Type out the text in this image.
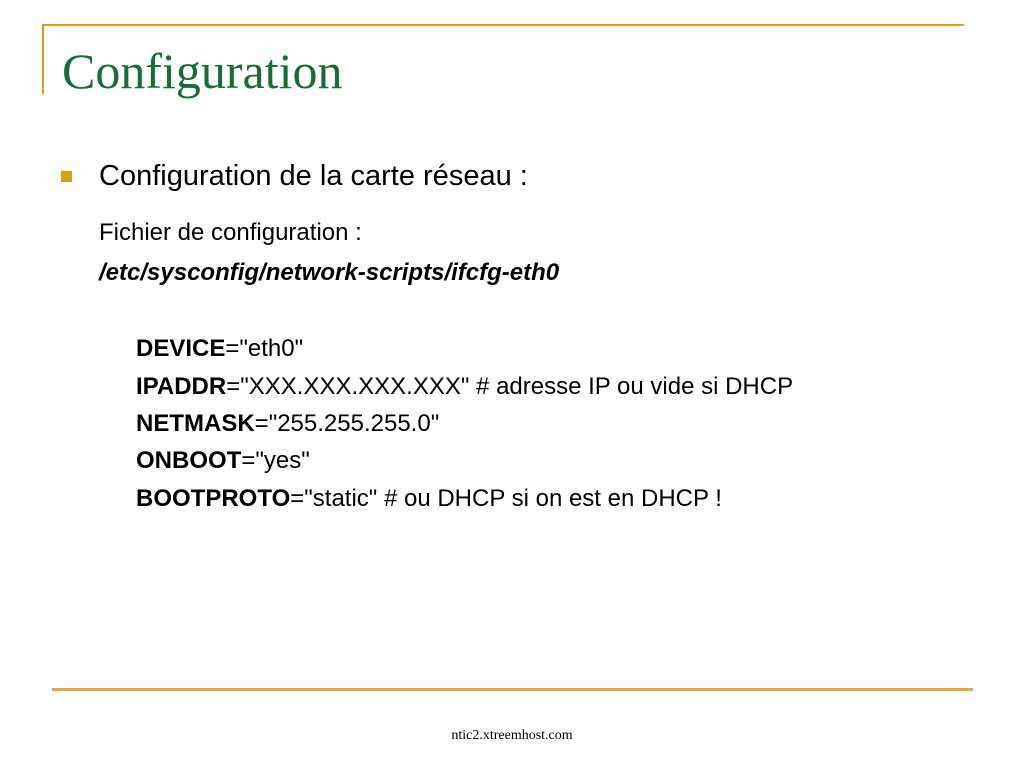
Configuration

Configuration de la carte réseau :

Fichier de configuration :

/etc/sysconfig/network-scripts/ifcfg-eth0

DEVICE="eth0"

IPADDR="XXX.XXX.XXX.XXX" # adresse IP ou vide si DHCP

NETMASK="255.255.255.0"

ONBOOT="yes"

BOOTPROTO="static" # ou DHCP si on est en DHCP !

ntic2.xtreemhost.com
